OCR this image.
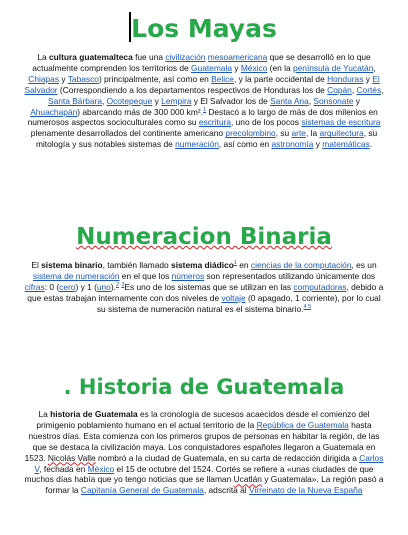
Los Mayas

La cultura guatemalteca fue una civilización mesoamericana que se desarrolló en lo que actualmente comprenden los territorios de Guatemala y México (en la península de Yucatán, Chiapas y Tabasco) principalmente, así como en Belice, y la parte occidental de Honduras y El Salvador (Correspondiendo a los departamentos respectivos de Honduras los de Copán, Cortés, Santa Bárbara, Ocotepeque y Lempira y El Salvador los de Santa Ana, Sonsonate y Ahuachapán) abarcando más de 300 000 km².$^1$ Destacó a lo largo de más de dos milenios en numerosos aspectos socioculturales como su escritura, uno de los pocos sistemas de escritura plenamente desarrollados del continente americano precolombino, su arte, la arquitectura, su mitología y sus notables sistemas de numeración, así como en astronomía y matemáticas.

Numeracion Binaria

El sistema binario, también llamado sistema diádico$^1$ en ciencias de la computación, es un sistema de numeración en el que los números son representados utilizando únicamente dos cifras: 0 (cero) y 1 (uno).$^2$ $^3$Es uno de los sistemas que se utilizan en las computadoras, debido a que estas trabajan internamente con dos niveles de voltaje (0 apagado, 1 corriente), por lo cual su sistema de numeración natural es el sistema binario.$^{4 5}$

. Historia de Guatemala

La historia de Guatemala es la cronología de sucesos acaecidos desde el comienzo del primigenio poblamiento humano en el actual territorio de la República de Guatemala hasta nuestros días. Esta comienza con los primeros grupos de personas en habitar la región, de las que se destaca la civilización maya. Los conquistadores españoles llegaron a Guatemala en 1523. Nicolás Valle nombró a la ciudad de Guatemala, en su carta de redacción dirigida a Carlos V, fechada en México el 15 de octubre del 1524. Cortés se refiere a «unas ciudades de que muchos días había que yo tengo noticias que se llaman Ucatlán y Guatemala». La región pasó a formar la Capitanía General de Guatemala, adscrita al Virreinato de la Nueva España
